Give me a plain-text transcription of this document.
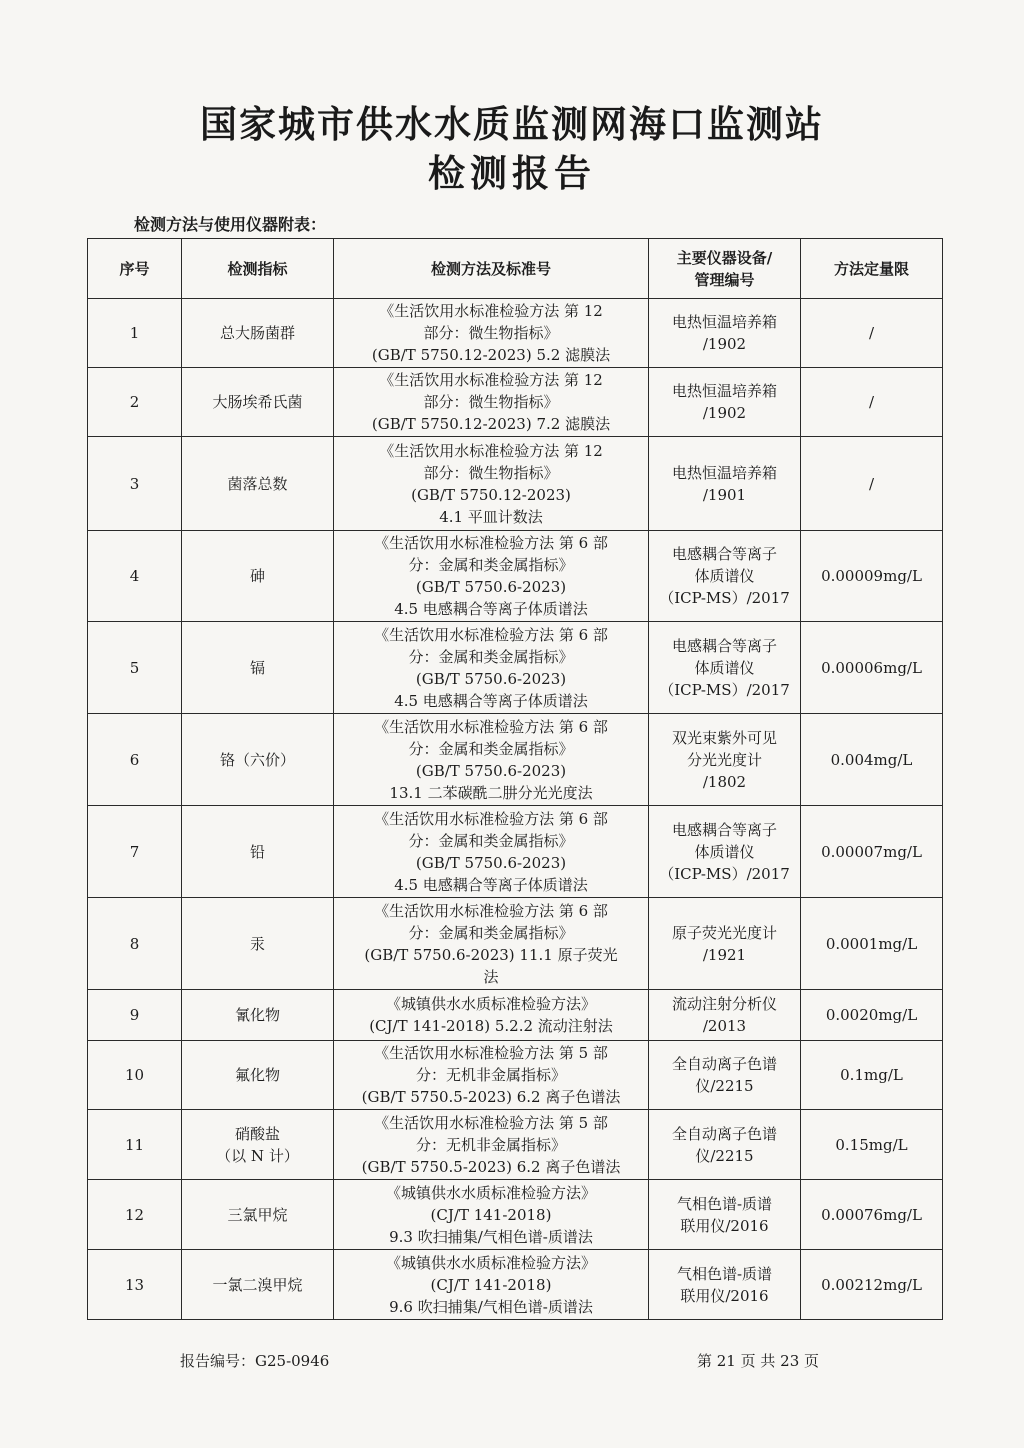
国家城市供水水质监测网海口监测站
检测报告
检测方法与使用仪器附表：
序号	检测指标	检测方法及标准号	主要仪器设备/
管理编号	方法定量限
1	总大肠菌群	《生活饮用水标准检验方法 第 12
部分：微生物指标》
(GB/T 5750.12-2023) 5.2 滤膜法	电热恒温培养箱
/1902	/
2	大肠埃希氏菌	《生活饮用水标准检验方法 第 12
部分：微生物指标》
(GB/T 5750.12-2023) 7.2 滤膜法	电热恒温培养箱
/1902	/
3	菌落总数	《生活饮用水标准检验方法 第 12
部分：微生物指标》
(GB/T 5750.12-2023)
4.1 平皿计数法	电热恒温培养箱
/1901	/
4	砷	《生活饮用水标准检验方法 第 6 部
分：金属和类金属指标》
(GB/T 5750.6-2023)
4.5 电感耦合等离子体质谱法	电感耦合等离子
体质谱仪
（ICP-MS）/2017	0.00009mg/L
5	镉	《生活饮用水标准检验方法 第 6 部
分：金属和类金属指标》
(GB/T 5750.6-2023)
4.5 电感耦合等离子体质谱法	电感耦合等离子
体质谱仪
（ICP-MS）/2017	0.00006mg/L
6	铬（六价）	《生活饮用水标准检验方法 第 6 部
分：金属和类金属指标》
(GB/T 5750.6-2023)
13.1 二苯碳酰二肼分光光度法	双光束紫外可见
分光光度计
/1802	0.004mg/L
7	铅	《生活饮用水标准检验方法 第 6 部
分：金属和类金属指标》
(GB/T 5750.6-2023)
4.5 电感耦合等离子体质谱法	电感耦合等离子
体质谱仪
（ICP-MS）/2017	0.00007mg/L
8	汞	《生活饮用水标准检验方法 第 6 部
分：金属和类金属指标》
(GB/T 5750.6-2023) 11.1 原子荧光
法	原子荧光光度计
/1921	0.0001mg/L
9	氰化物	《城镇供水水质标准检验方法》
(CJ/T 141-2018) 5.2.2 流动注射法	流动注射分析仪
/2013	0.0020mg/L
10	氟化物	《生活饮用水标准检验方法 第 5 部
分：无机非金属指标》
(GB/T 5750.5-2023) 6.2 离子色谱法	全自动离子色谱
仪/2215	0.1mg/L
11	硝酸盐
（以 N 计）	《生活饮用水标准检验方法 第 5 部
分：无机非金属指标》
(GB/T 5750.5-2023) 6.2 离子色谱法	全自动离子色谱
仪/2215	0.15mg/L
12	三氯甲烷	《城镇供水水质标准检验方法》
(CJ/T 141-2018)
9.3 吹扫捕集/气相色谱-质谱法	气相色谱-质谱
联用仪/2016	0.00076mg/L
13	一氯二溴甲烷	《城镇供水水质标准检验方法》
(CJ/T 141-2018)
9.6 吹扫捕集/气相色谱-质谱法	气相色谱-质谱
联用仪/2016	0.00212mg/L
报告编号：G25-0946	第 21 页 共 23 页
